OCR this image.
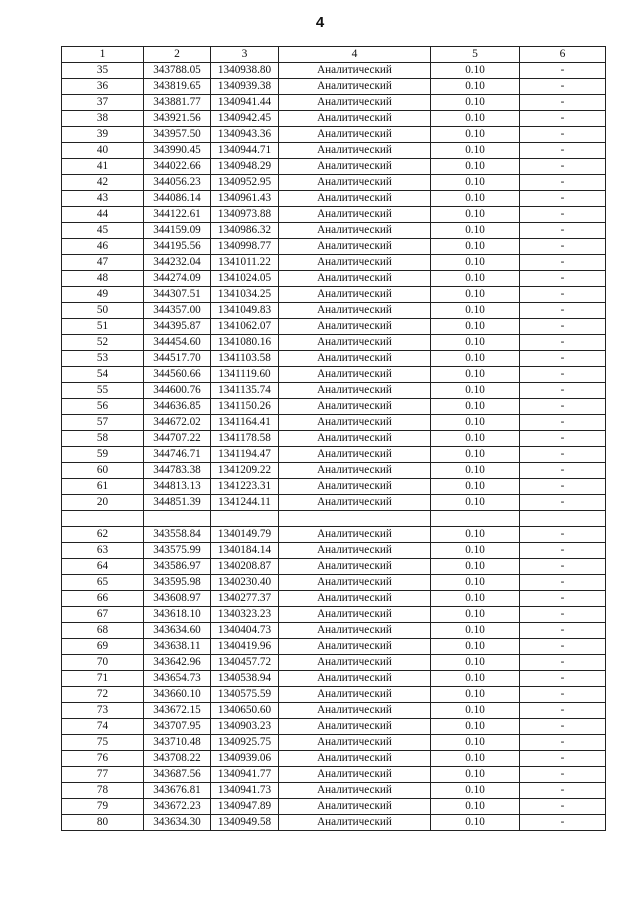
4
1	2	3	4	5	6
35	343788.05	1340938.80	Аналитический	0.10	-
36	343819.65	1340939.38	Аналитический	0.10	-
37	343881.77	1340941.44	Аналитический	0.10	-
38	343921.56	1340942.45	Аналитический	0.10	-
39	343957.50	1340943.36	Аналитический	0.10	-
40	343990.45	1340944.71	Аналитический	0.10	-
41	344022.66	1340948.29	Аналитический	0.10	-
42	344056.23	1340952.95	Аналитический	0.10	-
43	344086.14	1340961.43	Аналитический	0.10	-
44	344122.61	1340973.88	Аналитический	0.10	-
45	344159.09	1340986.32	Аналитический	0.10	-
46	344195.56	1340998.77	Аналитический	0.10	-
47	344232.04	1341011.22	Аналитический	0.10	-
48	344274.09	1341024.05	Аналитический	0.10	-
49	344307.51	1341034.25	Аналитический	0.10	-
50	344357.00	1341049.83	Аналитический	0.10	-
51	344395.87	1341062.07	Аналитический	0.10	-
52	344454.60	1341080.16	Аналитический	0.10	-
53	344517.70	1341103.58	Аналитический	0.10	-
54	344560.66	1341119.60	Аналитический	0.10	-
55	344600.76	1341135.74	Аналитический	0.10	-
56	344636.85	1341150.26	Аналитический	0.10	-
57	344672.02	1341164.41	Аналитический	0.10	-
58	344707.22	1341178.58	Аналитический	0.10	-
59	344746.71	1341194.47	Аналитический	0.10	-
60	344783.38	1341209.22	Аналитический	0.10	-
61	344813.13	1341223.31	Аналитический	0.10	-
20	344851.39	1341244.11	Аналитический	0.10	-

62	343558.84	1340149.79	Аналитический	0.10	-
63	343575.99	1340184.14	Аналитический	0.10	-
64	343586.97	1340208.87	Аналитический	0.10	-
65	343595.98	1340230.40	Аналитический	0.10	-
66	343608.97	1340277.37	Аналитический	0.10	-
67	343618.10	1340323.23	Аналитический	0.10	-
68	343634.60	1340404.73	Аналитический	0.10	-
69	343638.11	1340419.96	Аналитический	0.10	-
70	343642.96	1340457.72	Аналитический	0.10	-
71	343654.73	1340538.94	Аналитический	0.10	-
72	343660.10	1340575.59	Аналитический	0.10	-
73	343672.15	1340650.60	Аналитический	0.10	-
74	343707.95	1340903.23	Аналитический	0.10	-
75	343710.48	1340925.75	Аналитический	0.10	-
76	343708.22	1340939.06	Аналитический	0.10	-
77	343687.56	1340941.77	Аналитический	0.10	-
78	343676.81	1340941.73	Аналитический	0.10	-
79	343672.23	1340947.89	Аналитический	0.10	-
80	343634.30	1340949.58	Аналитический	0.10	-
